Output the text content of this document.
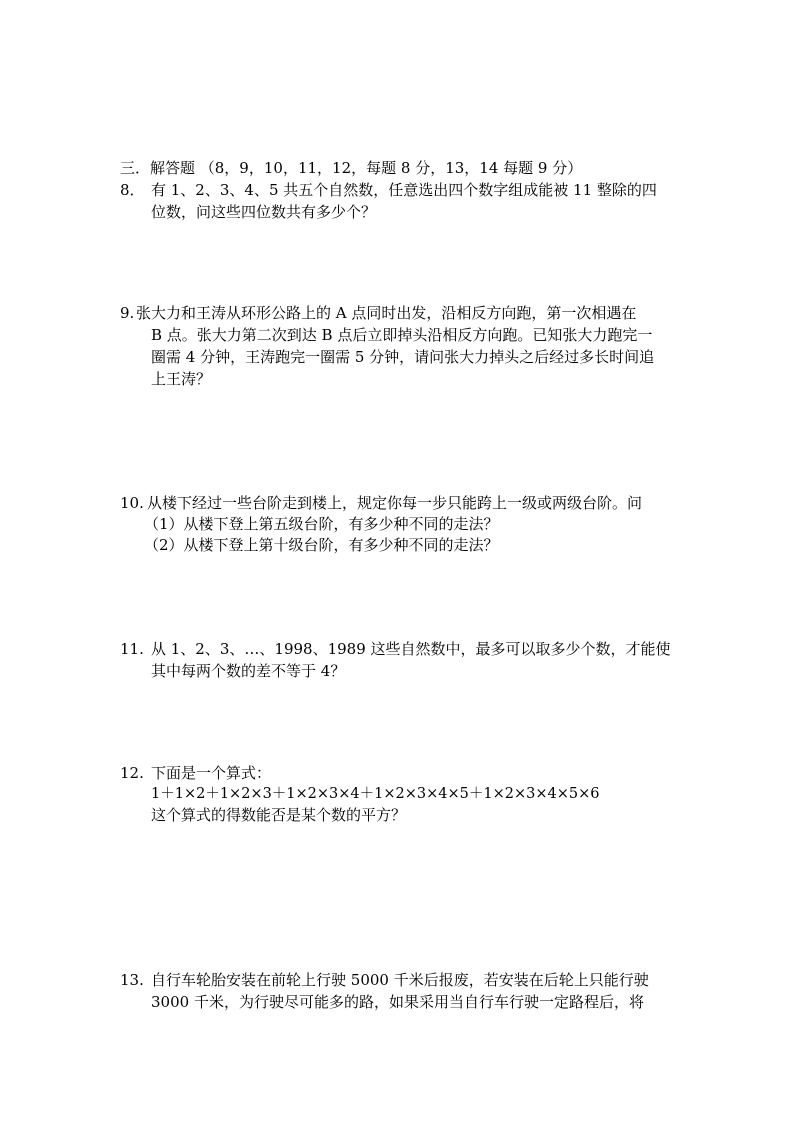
三．解答题 （8，9，10，11，12，每题 8 分，13，14 每题 9 分）
8． 有 1、2、3、4、5 共五个自然数，任意选出四个数字组成能被 11 整除的四
位数，问这些四位数共有多少个？
9. 张大力和王涛从环形公路上的 A 点同时出发，沿相反方向跑，第一次相遇在
B 点。张大力第二次到达 B 点后立即掉头沿相反方向跑。已知张大力跑完一
圈需 4 分钟，王涛跑完一圈需 5 分钟，请问张大力掉头之后经过多长时间追
上王涛？
10. 从楼下经过一些台阶走到楼上，规定你每一步只能跨上一级或两级台阶。问
（1）从楼下登上第五级台阶，有多少种不同的走法？
（2）从楼下登上第十级台阶，有多少种不同的走法？
11. 从 1、2、3、…、1998、1989 这些自然数中，最多可以取多少个数，才能使
其中每两个数的差不等于 4？
12. 下面是一个算式：
1＋1×2＋1×2×3＋1×2×3×4＋1×2×3×4×5＋1×2×3×4×5×6
这个算式的得数能否是某个数的平方？
13. 自行车轮胎安装在前轮上行驶 5000 千米后报废，若安装在后轮上只能行驶
3000 千米，为行驶尽可能多的路，如果采用当自行车行驶一定路程后，将
